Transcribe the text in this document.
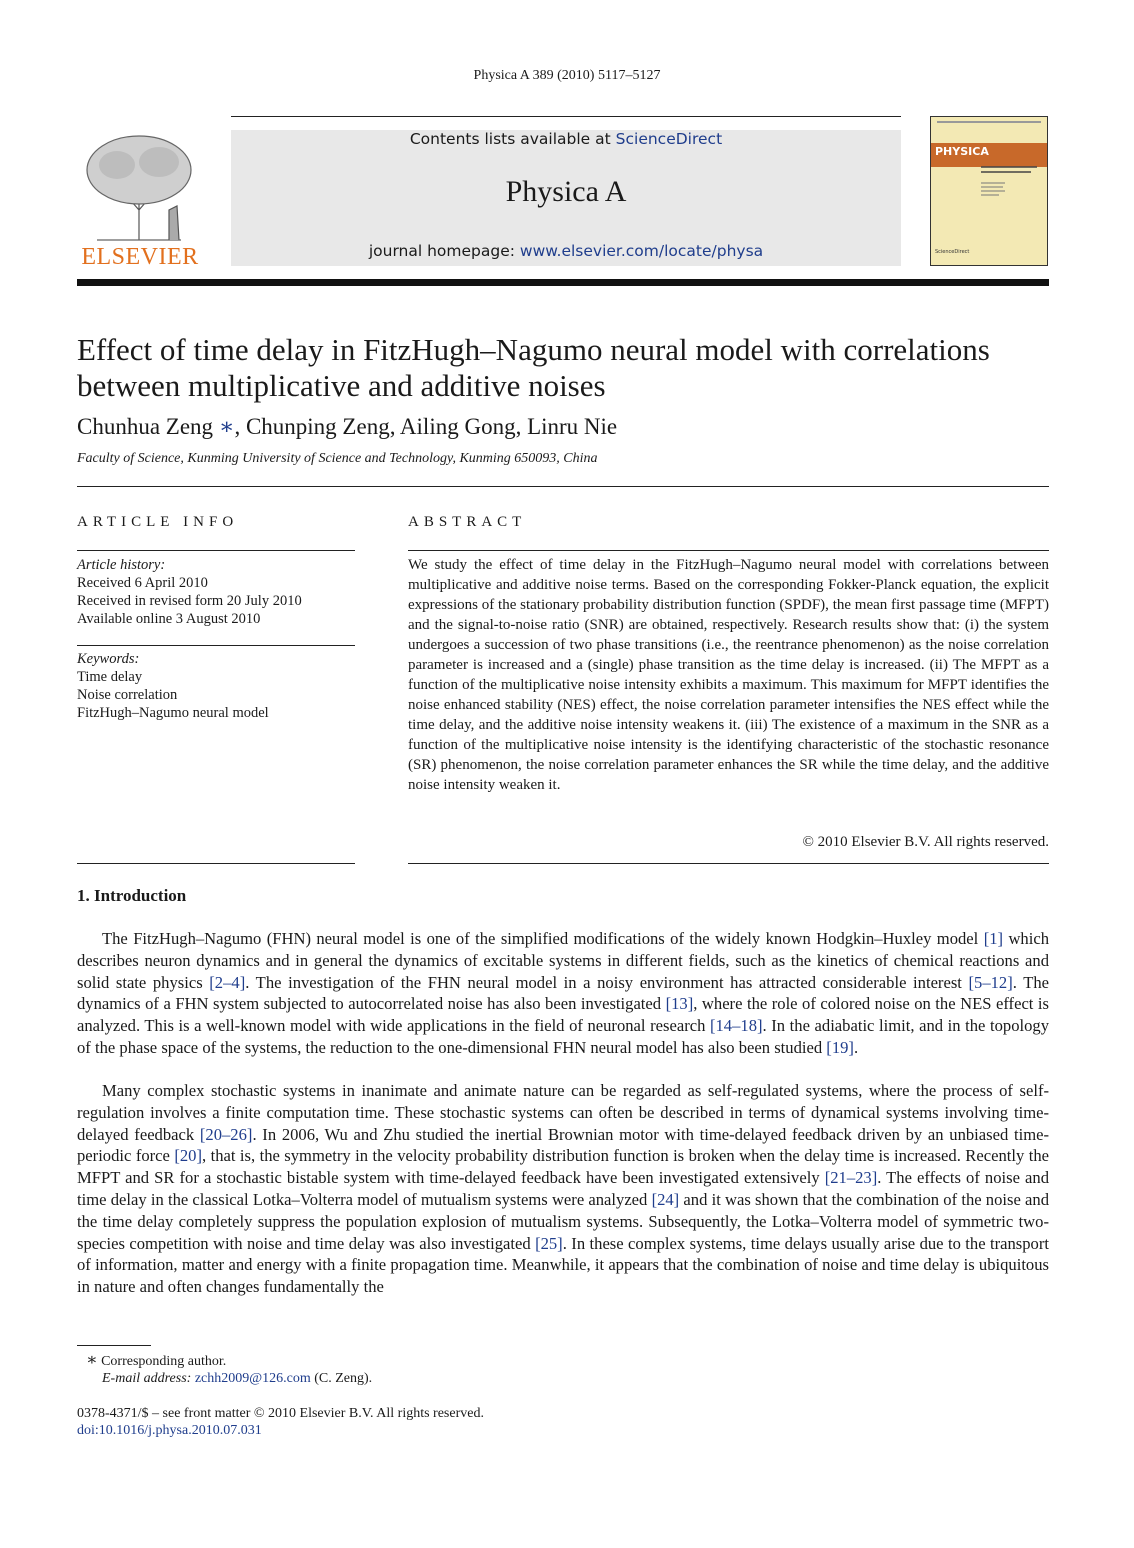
Physica A 389 (2010) 5117–5127
ELSEVIER
Contents lists available at ScienceDirect
Physica A
journal homepage: www.elsevier.com/locate/physa
PHYSICA
ScienceDirect
Effect of time delay in FitzHugh–Nagumo neural model with correlations between multiplicative and additive noises
Chunhua Zeng ∗, Chunping Zeng, Ailing Gong, Linru Nie
Faculty of Science, Kunming University of Science and Technology, Kunming 650093, China
ARTICLE INFO
Article history:
Received 6 April 2010
Received in revised form 20 July 2010
Available online 3 August 2010
Keywords:
Time delay
Noise correlation
FitzHugh–Nagumo neural model
ABSTRACT

We study the effect of time delay in the FitzHugh–Nagumo neural model with correlations between multiplicative and additive noise terms. Based on the corresponding Fokker-Planck equation, the explicit expressions of the stationary probability distribution function (SPDF), the mean first passage time (MFPT) and the signal-to-noise ratio (SNR) are obtained, respectively. Research results show that: (i) the system undergoes a succession of two phase transitions (i.e., the reentrance phenomenon) as the noise correlation parameter is increased and a (single) phase transition as the time delay is increased. (ii) The MFPT as a function of the multiplicative noise intensity exhibits a maximum. This maximum for MFPT identifies the noise enhanced stability (NES) effect, the noise correlation parameter intensifies the NES effect while the time delay, and the additive noise intensity weakens it. (iii) The existence of a maximum in the SNR as a function of the multiplicative noise intensity is the identifying characteristic of the stochastic resonance (SR) phenomenon, the noise correlation parameter enhances the SR while the time delay, and the additive noise intensity weaken it.

© 2010 Elsevier B.V. All rights reserved.
1. Introduction

The FitzHugh–Nagumo (FHN) neural model is one of the simplified modifications of the widely known Hodgkin–Huxley model [1] which describes neuron dynamics and in general the dynamics of excitable systems in different fields, such as the kinetics of chemical reactions and solid state physics [2–4]. The investigation of the FHN neural model in a noisy environment has attracted considerable interest [5–12]. The dynamics of a FHN system subjected to autocorrelated noise has also been investigated [13], where the role of colored noise on the NES effect is analyzed. This is a well-known model with wide applications in the field of neuronal research [14–18]. In the adiabatic limit, and in the topology of the phase space of the systems, the reduction to the one-dimensional FHN neural model has also been studied [19].

Many complex stochastic systems in inanimate and animate nature can be regarded as self-regulated systems, where the process of self-regulation involves a finite computation time. These stochastic systems can often be described in terms of dynamical systems involving time-delayed feedback [20–26]. In 2006, Wu and Zhu studied the inertial Brownian motor with time-delayed feedback driven by an unbiased time-periodic force [20], that is, the symmetry in the velocity probability distribution function is broken when the delay time is increased. Recently the MFPT and SR for a stochastic bistable system with time-delayed feedback have been investigated extensively [21–23]. The effects of noise and time delay in the classical Lotka–Volterra model of mutualism systems were analyzed [24] and it was shown that the combination of the noise and the time delay completely suppress the population explosion of mutualism systems. Subsequently, the Lotka–Volterra model of symmetric two-species competition with noise and time delay was also investigated [25]. In these complex systems, time delays usually arise due to the transport of information, matter and energy with a finite propagation time. Meanwhile, it appears that the combination of noise and time delay is ubiquitous in nature and often changes fundamentally the

∗ Corresponding author.
E-mail address: zchh2009@126.com (C. Zeng).
0378-4371/$ – see front matter © 2010 Elsevier B.V. All rights reserved.
doi:10.1016/j.physa.2010.07.031
